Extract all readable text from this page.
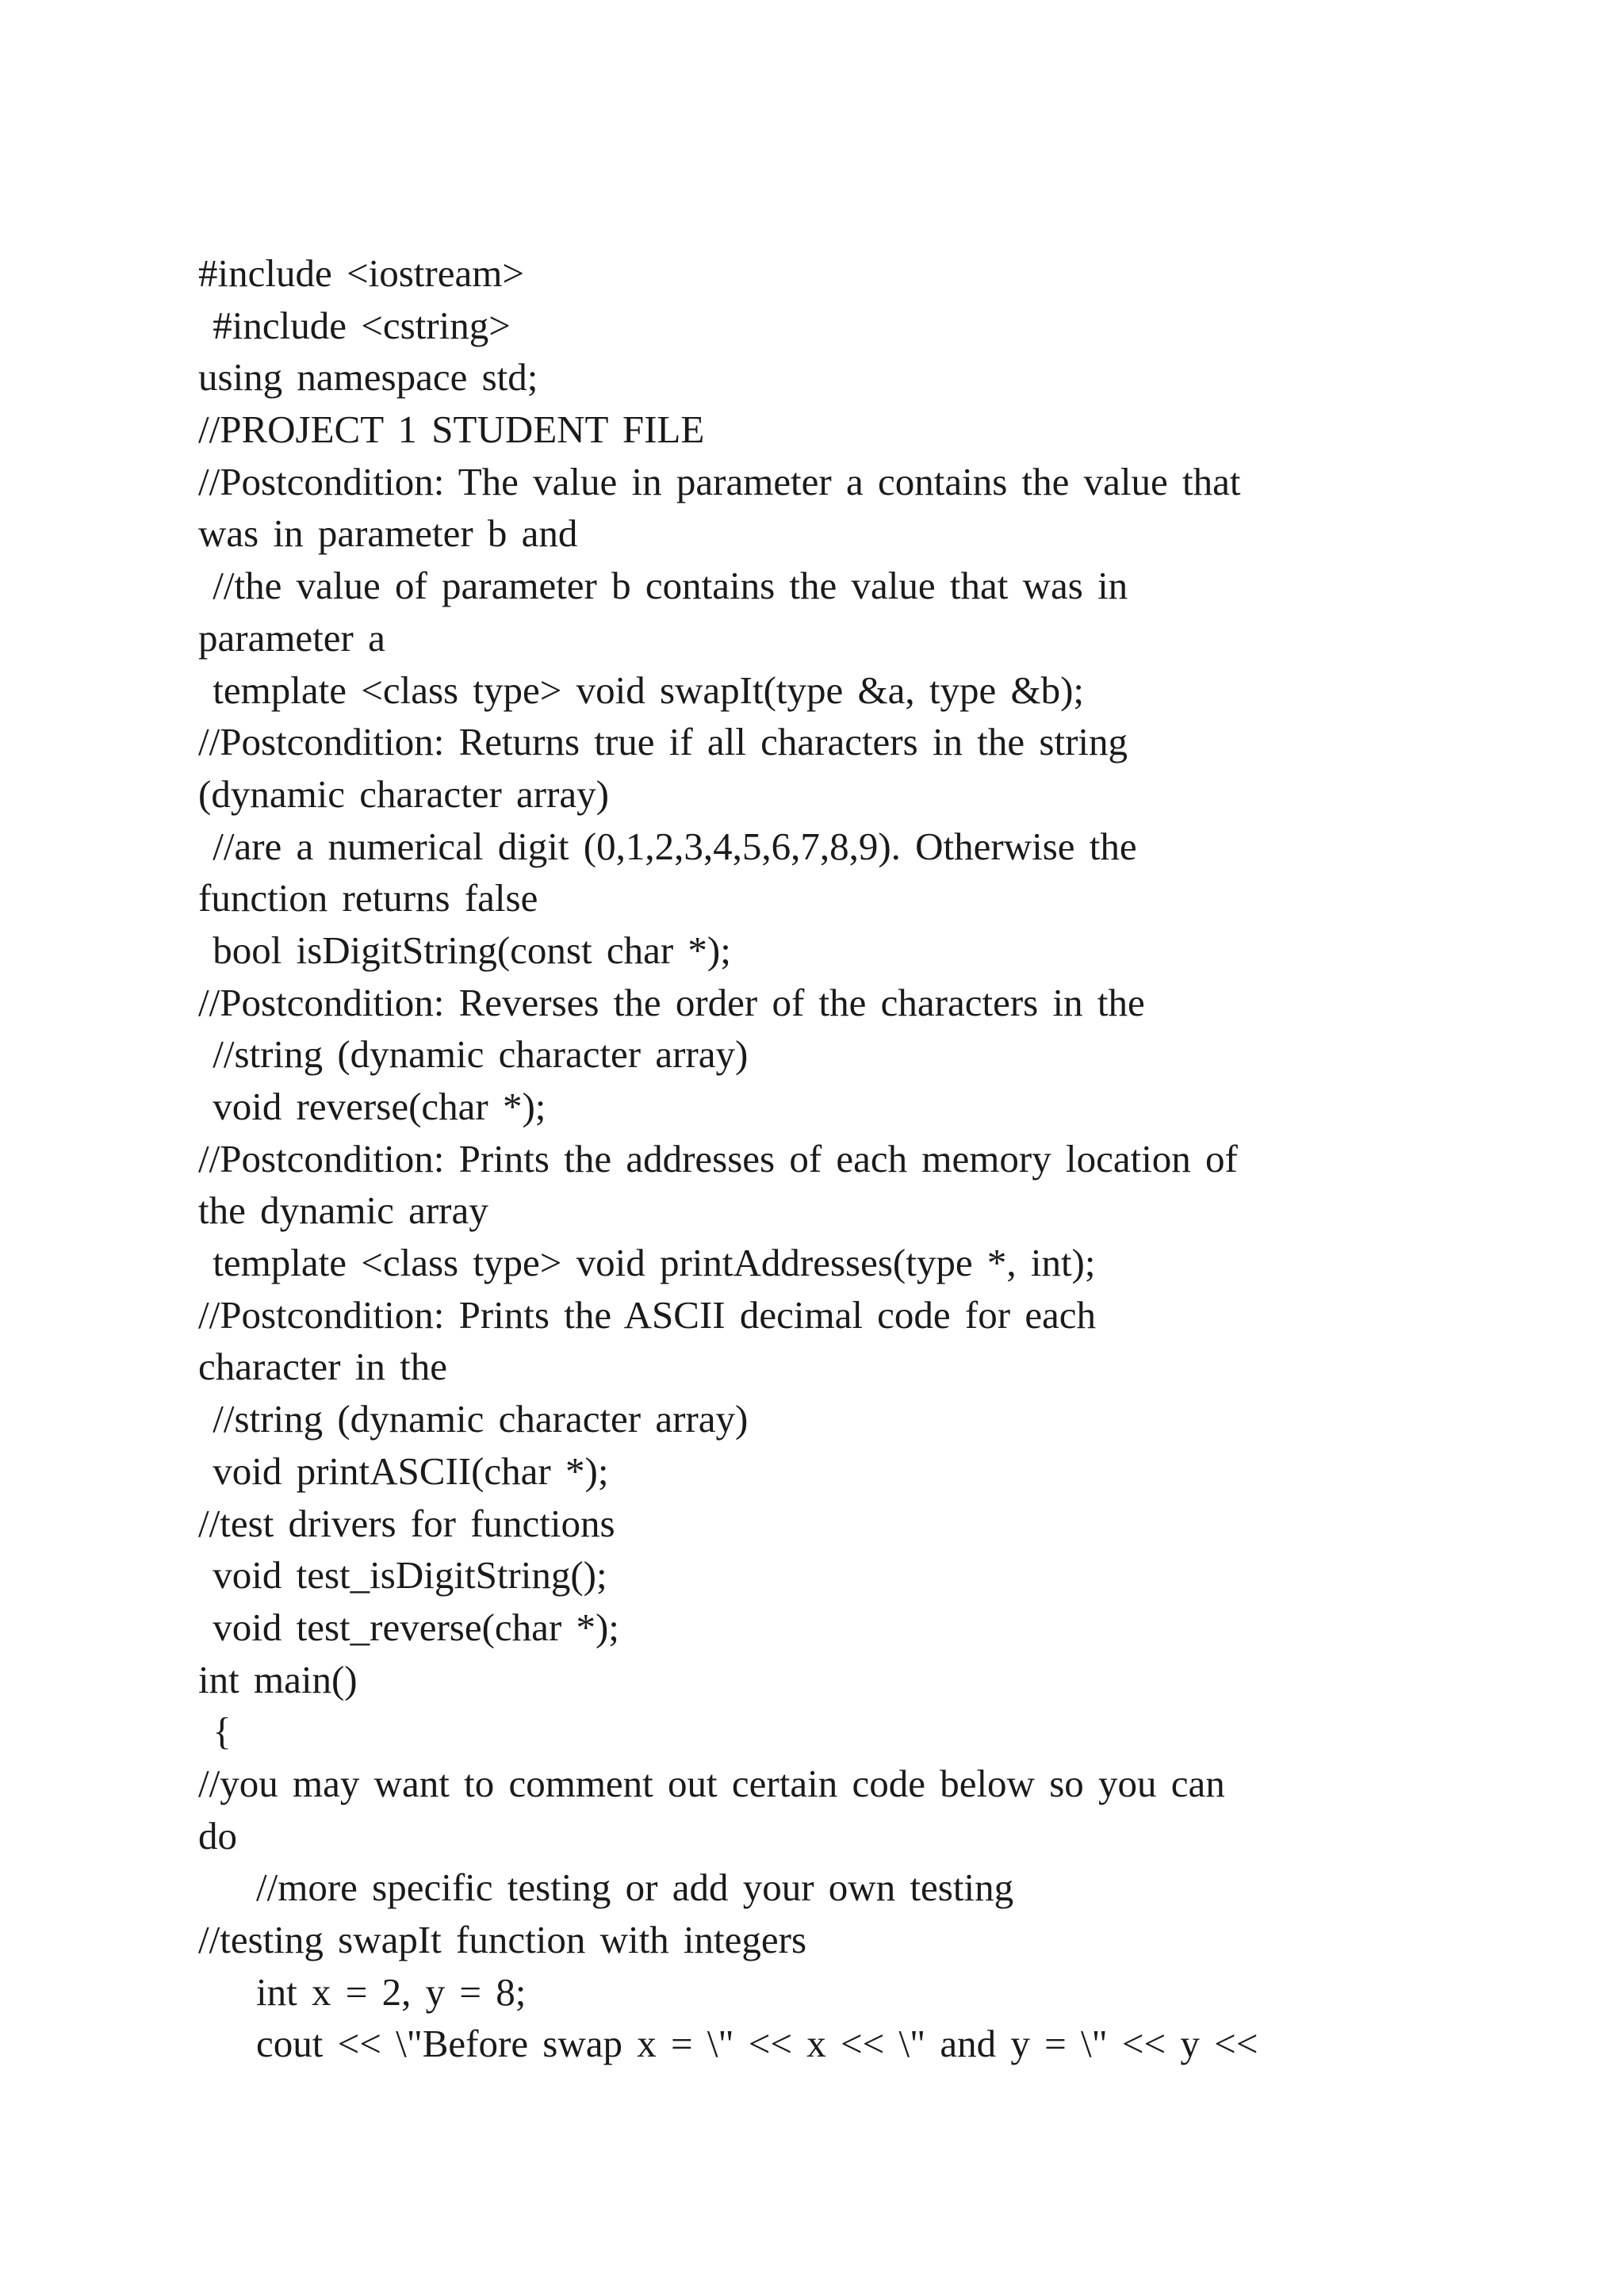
#include <iostream>
#include <cstring>
using namespace std;
//PROJECT 1 STUDENT FILE
//Postcondition: The value in parameter a contains the value that
was in parameter b and
//the value of parameter b contains the value that was in
parameter a
template <class type> void swapIt(type &a, type &b);
//Postcondition: Returns true if all characters in the string
(dynamic character array)
//are a numerical digit (0,1,2,3,4,5,6,7,8,9). Otherwise the
function returns false
bool isDigitString(const char *);
//Postcondition: Reverses the order of the characters in the
//string (dynamic character array)
void reverse(char *);
//Postcondition: Prints the addresses of each memory location of
the dynamic array
template <class type> void printAddresses(type *, int);
//Postcondition: Prints the ASCII decimal code for each
character in the
//string (dynamic character array)
void printASCII(char *);
//test drivers for functions
void test_isDigitString();
void test_reverse(char *);
int main()
{
//you may want to comment out certain code below so you can
do
//more specific testing or add your own testing
//testing swapIt function with integers
int x = 2, y = 8;
cout << \"Before swap x = \" << x << \" and y = \" << y <<
